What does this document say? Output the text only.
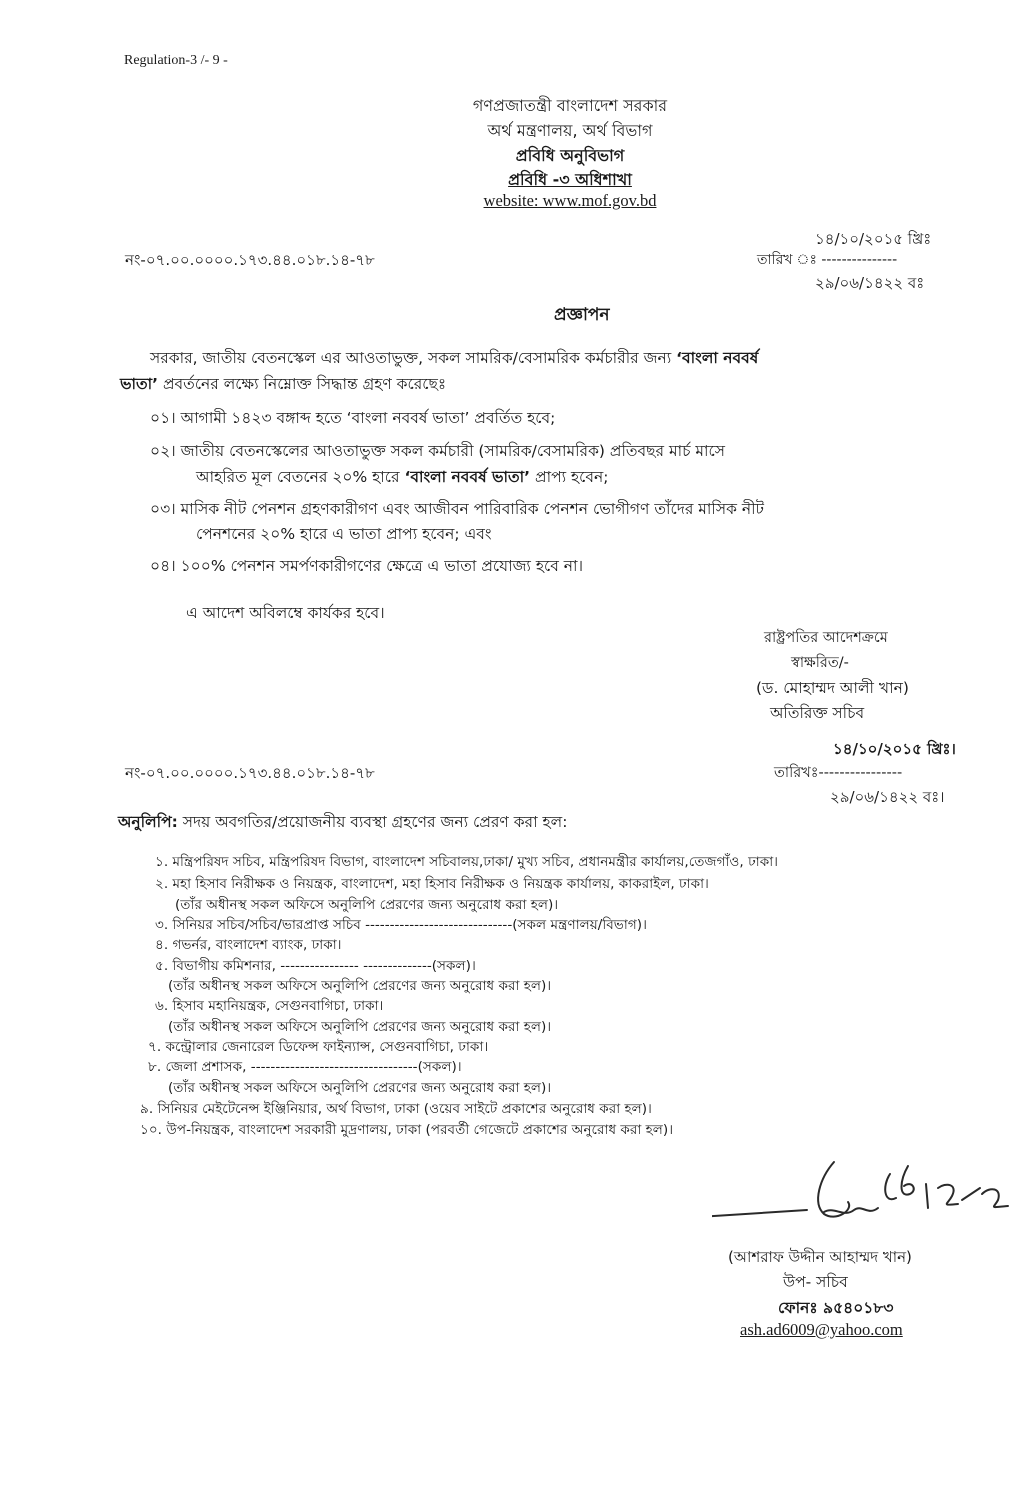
Regulation-3 /- 9 -
গণপ্রজাতন্ত্রী বাংলাদেশ সরকার
অর্থ মন্ত্রণালয়, অর্থ বিভাগ
প্রবিধি অনুবিভাগ
প্রবিধি -৩ অধিশাখা
website: www.mof.gov.bd
১৪/১০/২০১৫ খ্রিঃ
নং-০৭.০০.০০০০.১৭৩.৪৪.০১৮.১৪-৭৮	তারিখ ঃ ---------------
২৯/০৬/১৪২২ বঃ
প্রজ্ঞাপন
সরকার, জাতীয় বেতনস্কেল এর আওতাভুক্ত, সকল সামরিক/বেসামরিক কর্মচারীর জন্য ‘বাংলা নববর্ষ
ভাতা’ প্রবর্তনের লক্ষ্যে নিম্নোক্ত সিদ্ধান্ত গ্রহণ করেছেঃ
০১। আগামী ১৪২৩ বঙ্গাব্দ হতে ‘বাংলা নববর্ষ ভাতা’ প্রবর্তিত হবে;
০২। জাতীয় বেতনস্কেলের আওতাভুক্ত সকল কর্মচারী (সামরিক/বেসামরিক) প্রতিবছর মার্চ মাসে
আহরিত মূল বেতনের ২০% হারে ‘বাংলা নববর্ষ ভাতা’ প্রাপ্য হবেন;
০৩। মাসিক নীট পেনশন গ্রহণকারীগণ এবং আজীবন পারিবারিক পেনশন ভোগীগণ তাঁদের মাসিক নীট
পেনশনের ২০% হারে এ ভাতা প্রাপ্য হবেন; এবং
০৪। ১০০% পেনশন সমর্পণকারীগণের ক্ষেত্রে এ ভাতা প্রযোজ্য হবে না।
এ আদেশ অবিলম্বে কার্যকর হবে।
রাষ্ট্রপতির আদেশক্রমে
স্বাক্ষরিত/-
(ড. মোহাম্মদ আলী খান)
অতিরিক্ত সচিব
১৪/১০/২০১৫ খ্রিঃ।
নং-০৭.০০.০০০০.১৭৩.৪৪.০১৮.১৪-৭৮	তারিখঃ----------------
২৯/০৬/১৪২২ বঃ।
অনুলিপি: সদয় অবগতির/প্রয়োজনীয় ব্যবস্থা গ্রহণের জন্য প্রেরণ করা হল:
১. মন্ত্রিপরিষদ সচিব, মন্ত্রিপরিষদ বিভাগ, বাংলাদেশ সচিবালয়,ঢাকা/ মুখ্য সচিব, প্রধানমন্ত্রীর কার্যালয়,তেজগাঁও, ঢাকা।
২. মহা হিসাব নিরীক্ষক ও নিয়ন্ত্রক, বাংলাদেশ, মহা হিসাব নিরীক্ষক ও নিয়ন্ত্রক কার্যালয়, কাকরাইল, ঢাকা।
(তাঁর অধীনস্থ সকল অফিসে অনুলিপি প্রেরণের জন্য অনুরোধ করা হল)।
৩. সিনিয়র সচিব/সচিব/ভারপ্রাপ্ত সচিব ------------------------------(সকল মন্ত্রণালয়/বিভাগ)।
৪. গভর্নর, বাংলাদেশ ব্যাংক, ঢাকা।
৫. বিভাগীয় কমিশনার, ---------------- --------------(সকল)।
(তাঁর অধীনস্থ সকল অফিসে অনুলিপি প্রেরণের জন্য অনুরোধ করা হল)।
৬. হিসাব মহানিয়ন্ত্রক, সেগুনবাগিচা, ঢাকা।
(তাঁর অধীনস্থ সকল অফিসে অনুলিপি প্রেরণের জন্য অনুরোধ করা হল)।
৭. কন্ট্রোলার জেনারেল ডিফেন্স ফাইন্যান্স, সেগুনবাগিচা, ঢাকা।
৮. জেলা প্রশাসক, ----------------------------------(সকল)।
(তাঁর অধীনস্থ সকল অফিসে অনুলিপি প্রেরণের জন্য অনুরোধ করা হল)।
৯. সিনিয়র মেইটেনেন্স ইঞ্জিনিয়ার, অর্থ বিভাগ, ঢাকা (ওয়েব সাইটে প্রকাশের অনুরোধ করা হল)।
১০. উপ-নিয়ন্ত্রক, বাংলাদেশ সরকারী মুদ্রণালয়, ঢাকা (পরবর্তী গেজেটে প্রকাশের অনুরোধ করা হল)।
(আশরাফ উদ্দীন আহাম্মদ খান)
উপ- সচিব
ফোনঃ ৯৫৪০১৮৩
ash.ad6009@yahoo.com
